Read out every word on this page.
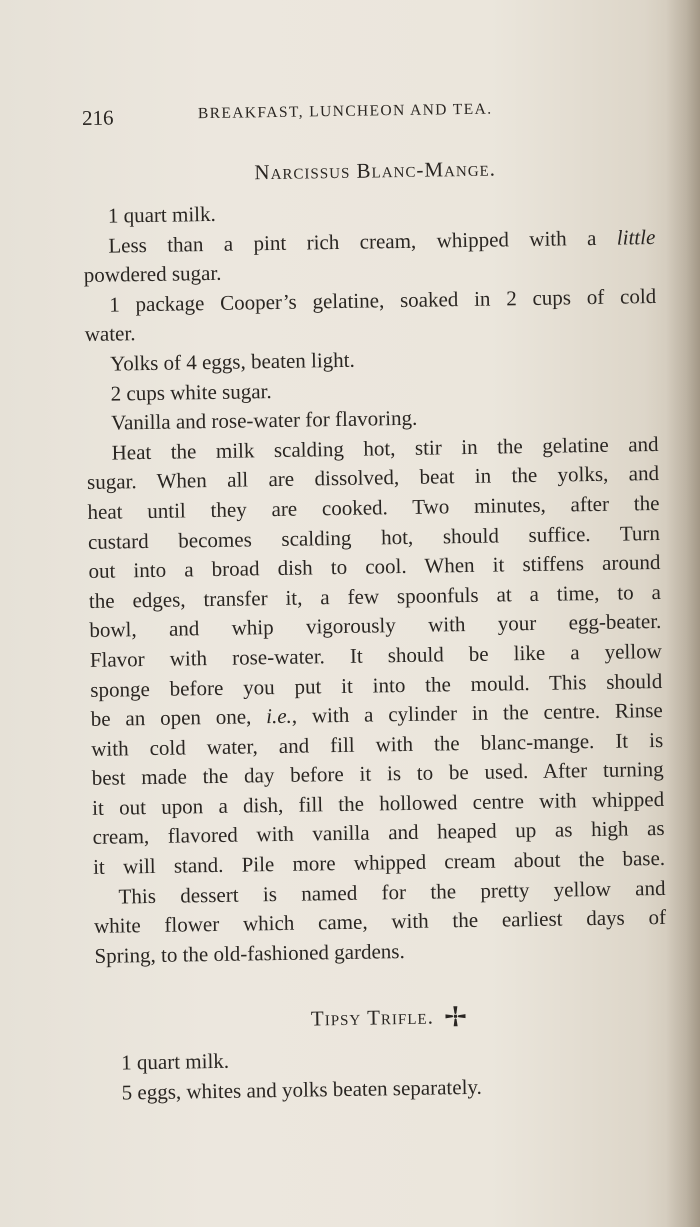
216	BREAKFAST, LUNCHEON AND TEA.
Narcissus Blanc-Mange.
1 quart milk.
Less than a pint rich cream, whipped with a little
powdered sugar.
1 package Cooper’s gelatine, soaked in 2 cups of cold
water.
Yolks of 4 eggs, beaten light.
2 cups white sugar.
Vanilla and rose-water for flavoring.
Heat the milk scalding hot, stir in the gelatine and
sugar. When all are dissolved, beat in the yolks, and
heat until they are cooked. Two minutes, after the
custard becomes scalding hot, should suffice. Turn
out into a broad dish to cool. When it stiffens around
the edges, transfer it, a few spoonfuls at a time, to a
bowl, and whip vigorously with your egg-beater.
Flavor with rose-water. It should be like a yellow
sponge before you put it into the mould. This should
be an open one, i.e., with a cylinder in the centre. Rinse
with cold water, and fill with the blanc-mange. It is
best made the day before it is to be used. After turning
it out upon a dish, fill the hollowed centre with whipped
cream, flavored with vanilla and heaped up as high as
it will stand. Pile more whipped cream about the base.
This dessert is named for the pretty yellow and
white flower which came, with the earliest days of
Spring, to the old-fashioned gardens.
Tipsy Trifle.
1 quart milk.
5 eggs, whites and yolks beaten separately.
